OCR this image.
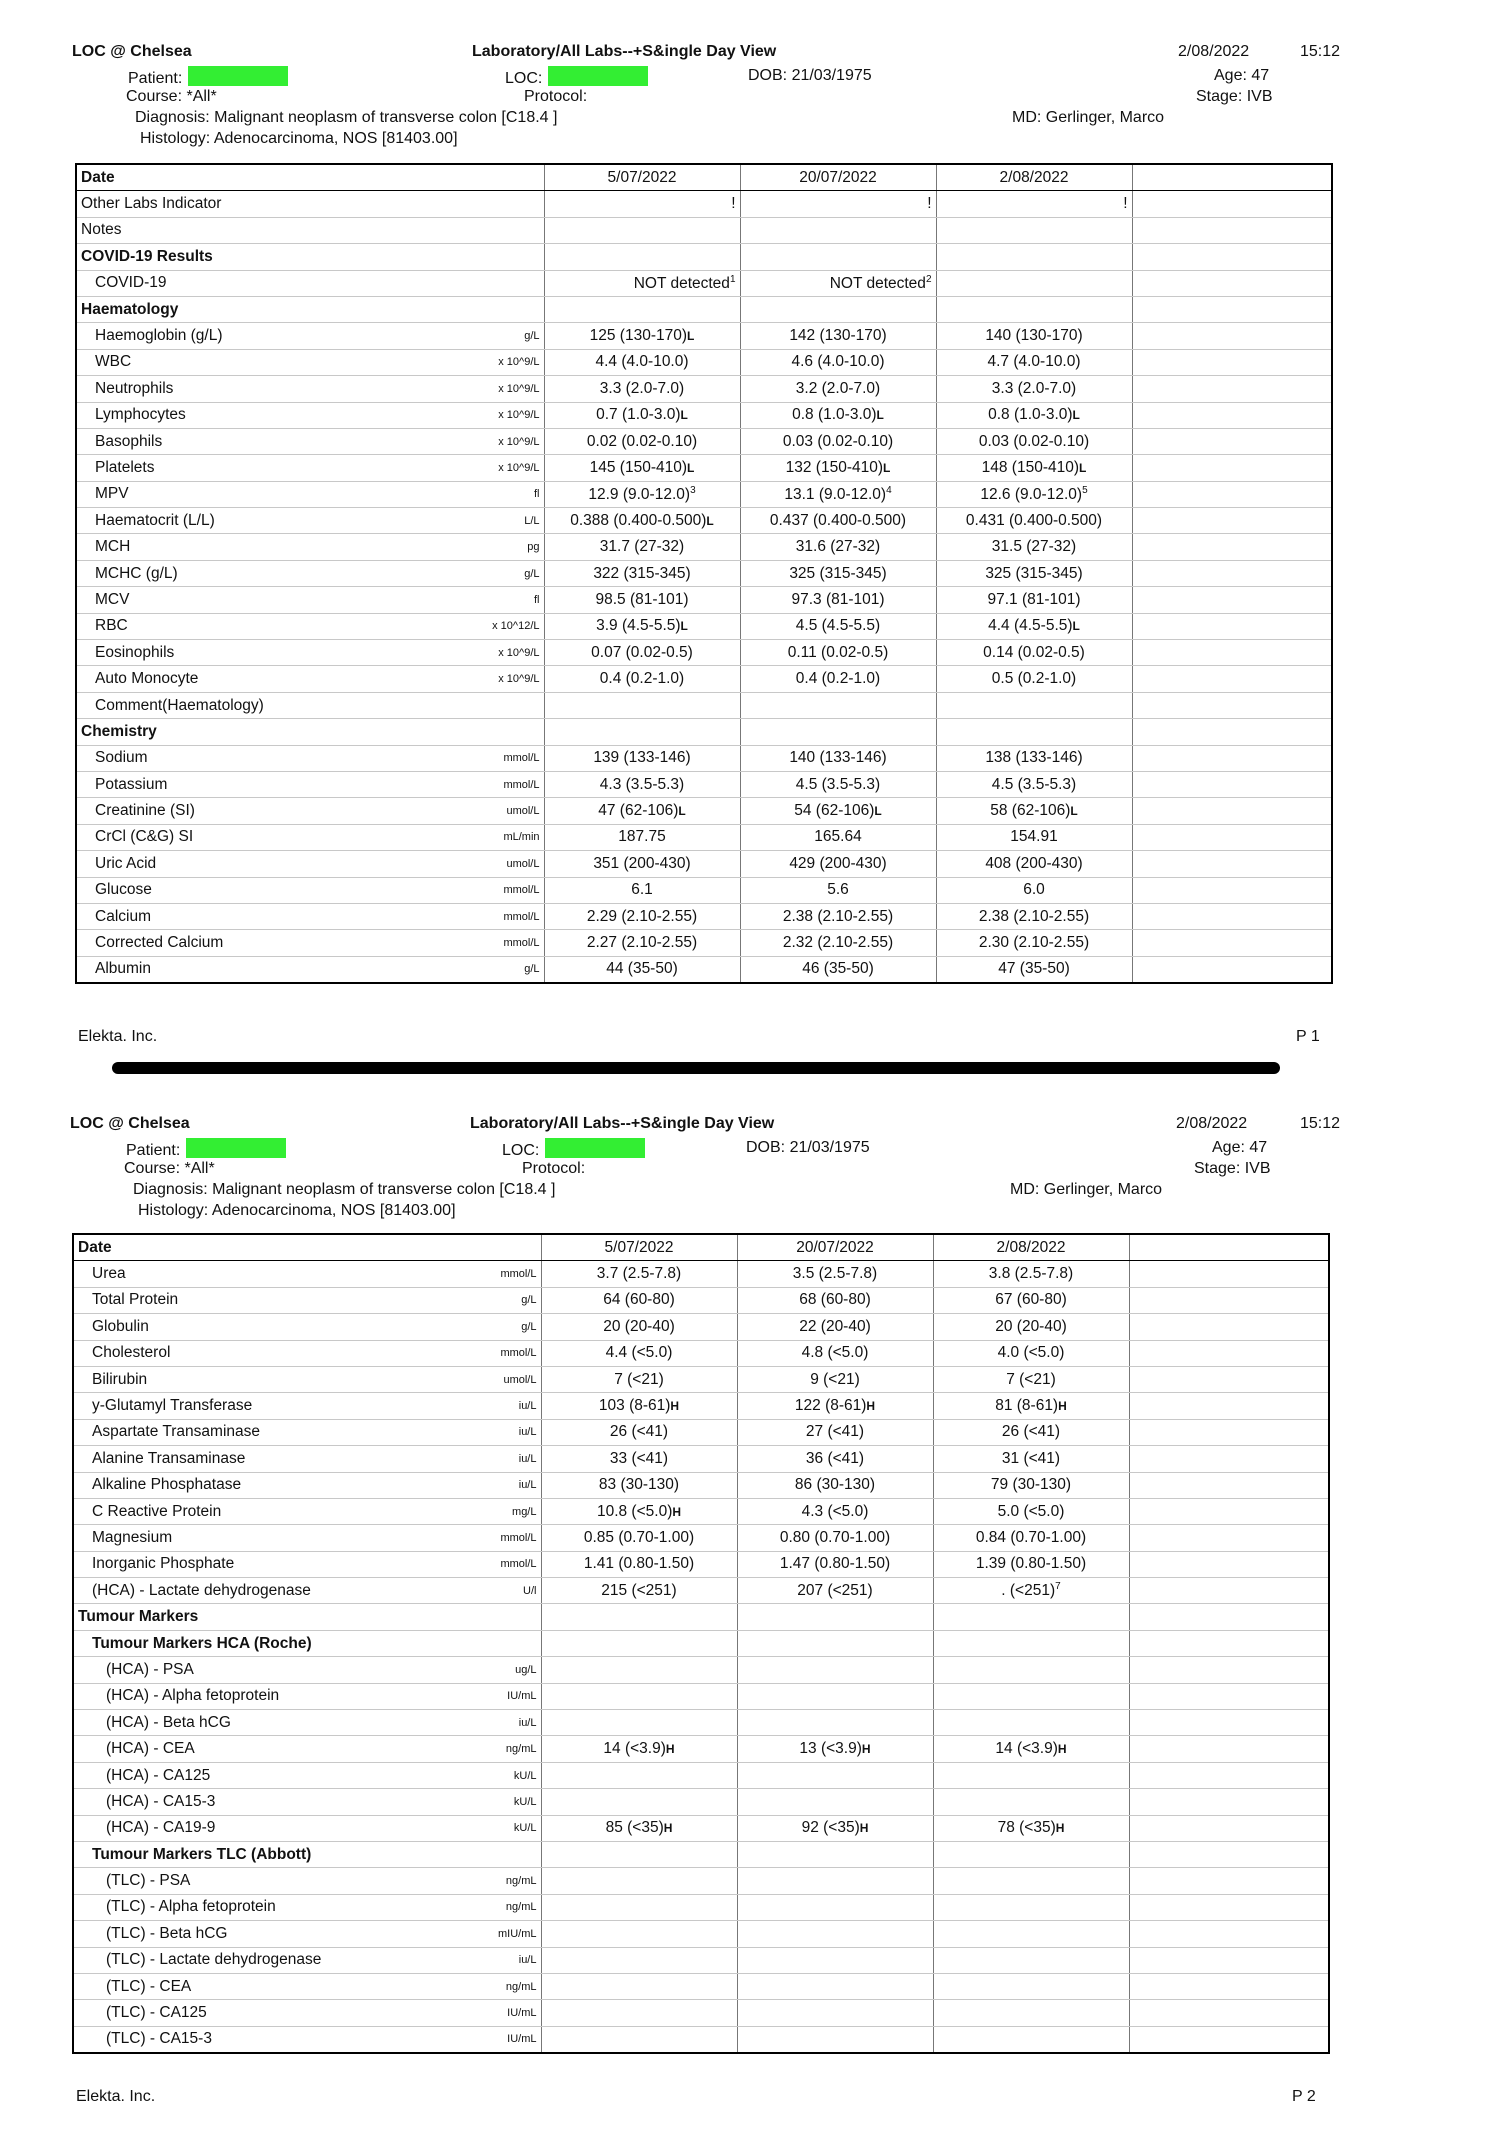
LOC @ Chelsea	Laboratory/All Labs--+S&ingle Day View	2/08/2022	15:12
Patient:	LOC:	DOB: 21/03/1975	Age: 47
Course: *All*	Protocol:	Stage: IVB
Diagnosis: Malignant neoplasm of transverse colon [C18.4 ]	MD: Gerlinger, Marco
Histology: Adenocarcinoma, NOS [81403.00]
Date	5/07/2022	20/07/2022	2/08/2022	
Other Labs Indicator	!	!	!	
Notes				
COVID-19 Results				
COVID-19	NOT detected$^1$	NOT detected$^2$		
Haematology				
Haemoglobin (g/L) g/L	125 (130-170)L	142 (130-170)	140 (130-170)	
WBC x 10^9/L	4.4 (4.0-10.0)	4.6 (4.0-10.0)	4.7 (4.0-10.0)	
Neutrophils x 10^9/L	3.3 (2.0-7.0)	3.2 (2.0-7.0)	3.3 (2.0-7.0)	
Lymphocytes x 10^9/L	0.7 (1.0-3.0)L	0.8 (1.0-3.0)L	0.8 (1.0-3.0)L	
Basophils x 10^9/L	0.02 (0.02-0.10)	0.03 (0.02-0.10)	0.03 (0.02-0.10)	
Platelets x 10^9/L	145 (150-410)L	132 (150-410)L	148 (150-410)L	
MPV fl	12.9 $(9.0-12.0)^3$	13.1 $(9.0-12.0)^4$	12.6 $(9.0-12.0)^5$	
Haematocrit (L/L) L/L	0.388 (0.400-0.500)L	0.437 (0.400-0.500)	0.431 (0.400-0.500)	
MCH pg	31.7 (27-32)	31.6 (27-32)	31.5 (27-32)	
MCHC (g/L) g/L	322 (315-345)	325 (315-345)	325 (315-345)	
MCV fl	98.5 (81-101)	97.3 (81-101)	97.1 (81-101)	
RBC x 10^12/L	3.9 (4.5-5.5)L	4.5 (4.5-5.5)	4.4 (4.5-5.5)L	
Eosinophils x 10^9/L	0.07 (0.02-0.5)	0.11 (0.02-0.5)	0.14 (0.02-0.5)	
Auto Monocyte x 10^9/L	0.4 (0.2-1.0)	0.4 (0.2-1.0)	0.5 (0.2-1.0)	
Comment(Haematology)				
Chemistry				
Sodium mmol/L	139 (133-146)	140 (133-146)	138 (133-146)	
Potassium mmol/L	4.3 (3.5-5.3)	4.5 (3.5-5.3)	4.5 (3.5-5.3)	
Creatinine (SI) umol/L	47 (62-106)L	54 (62-106)L	58 (62-106)L	
CrCl (C&G) SI mL/min	187.75	165.64	154.91	
Uric Acid umol/L	351 (200-430)	429 (200-430)	408 (200-430)	
Glucose mmol/L	6.1	5.6	6.0	
Calcium mmol/L	2.29 (2.10-2.55)	2.38 (2.10-2.55)	2.38 (2.10-2.55)	
Corrected Calcium mmol/L	2.27 (2.10-2.55)	2.32 (2.10-2.55)	2.30 (2.10-2.55)	
Albumin g/L	44 (35-50)	46 (35-50)	47 (35-50)	
Elekta. Inc.	P 1
LOC @ Chelsea	Laboratory/All Labs--+S&ingle Day View	2/08/2022	15:12
Patient:	LOC:	DOB: 21/03/1975	Age: 47
Course: *All*	Protocol:	Stage: IVB
Diagnosis: Malignant neoplasm of transverse colon [C18.4 ]	MD: Gerlinger, Marco
Histology: Adenocarcinoma, NOS [81403.00]
Date	5/07/2022	20/07/2022	2/08/2022	
Urea mmol/L	3.7 (2.5-7.8)	3.5 (2.5-7.8)	3.8 (2.5-7.8)	
Total Protein g/L	64 (60-80)	68 (60-80)	67 (60-80)	
Globulin g/L	20 (20-40)	22 (20-40)	20 (20-40)	
Cholesterol mmol/L	4.4 (<5.0)	4.8 (<5.0)	4.0 (<5.0)	
Bilirubin umol/L	7 (<21)	9 (<21)	7 (<21)	
y-Glutamyl Transferase iu/L	103 (8-61)H	122 (8-61)H	81 (8-61)H	
Aspartate Transaminase iu/L	26 (<41)	27 (<41)	26 (<41)	
Alanine Transaminase iu/L	33 (<41)	36 (<41)	31 (<41)	
Alkaline Phosphatase iu/L	83 (30-130)	86 (30-130)	79 (30-130)	
C Reactive Protein mg/L	10.8 (<5.0)H	4.3 (<5.0)	5.0 (<5.0)	
Magnesium mmol/L	0.85 (0.70-1.00)	0.80 (0.70-1.00)	0.84 (0.70-1.00)	
Inorganic Phosphate mmol/L	1.41 (0.80-1.50)	1.47 (0.80-1.50)	1.39 (0.80-1.50)	
(HCA) - Lactate dehydrogenase U/l	215 (<251)	207 (<251)	. (<251)$^7$	
Tumour Markers				
Tumour Markers HCA (Roche)				
(HCA) - PSA ug/L				

(HCA) - Alpha fetoprotein IU/mL				

(HCA) - Beta hCG iu/L				

(HCA) - CEA ng/mL	14 (<3.9)H	13 (<3.9)H	14 (<3.9)H	
(HCA) - CA125 kU/L				

(HCA) - CA15-3 kU/L				

(HCA) - CA19-9 kU/L	85 (<35)H	92 (<35)H	78 (<35)H	
Tumour Markers TLC (Abbott)				
(TLC) - PSA ng/mL				

(TLC) - Alpha fetoprotein ng/mL				

(TLC) - Beta hCG mIU/mL				

(TLC) - Lactate dehydrogenase iu/L				

(TLC) - CEA ng/mL				

(TLC) - CA125 IU/mL				

(TLC) - CA15-3 IU/mL				

Elekta. Inc.	P 2
